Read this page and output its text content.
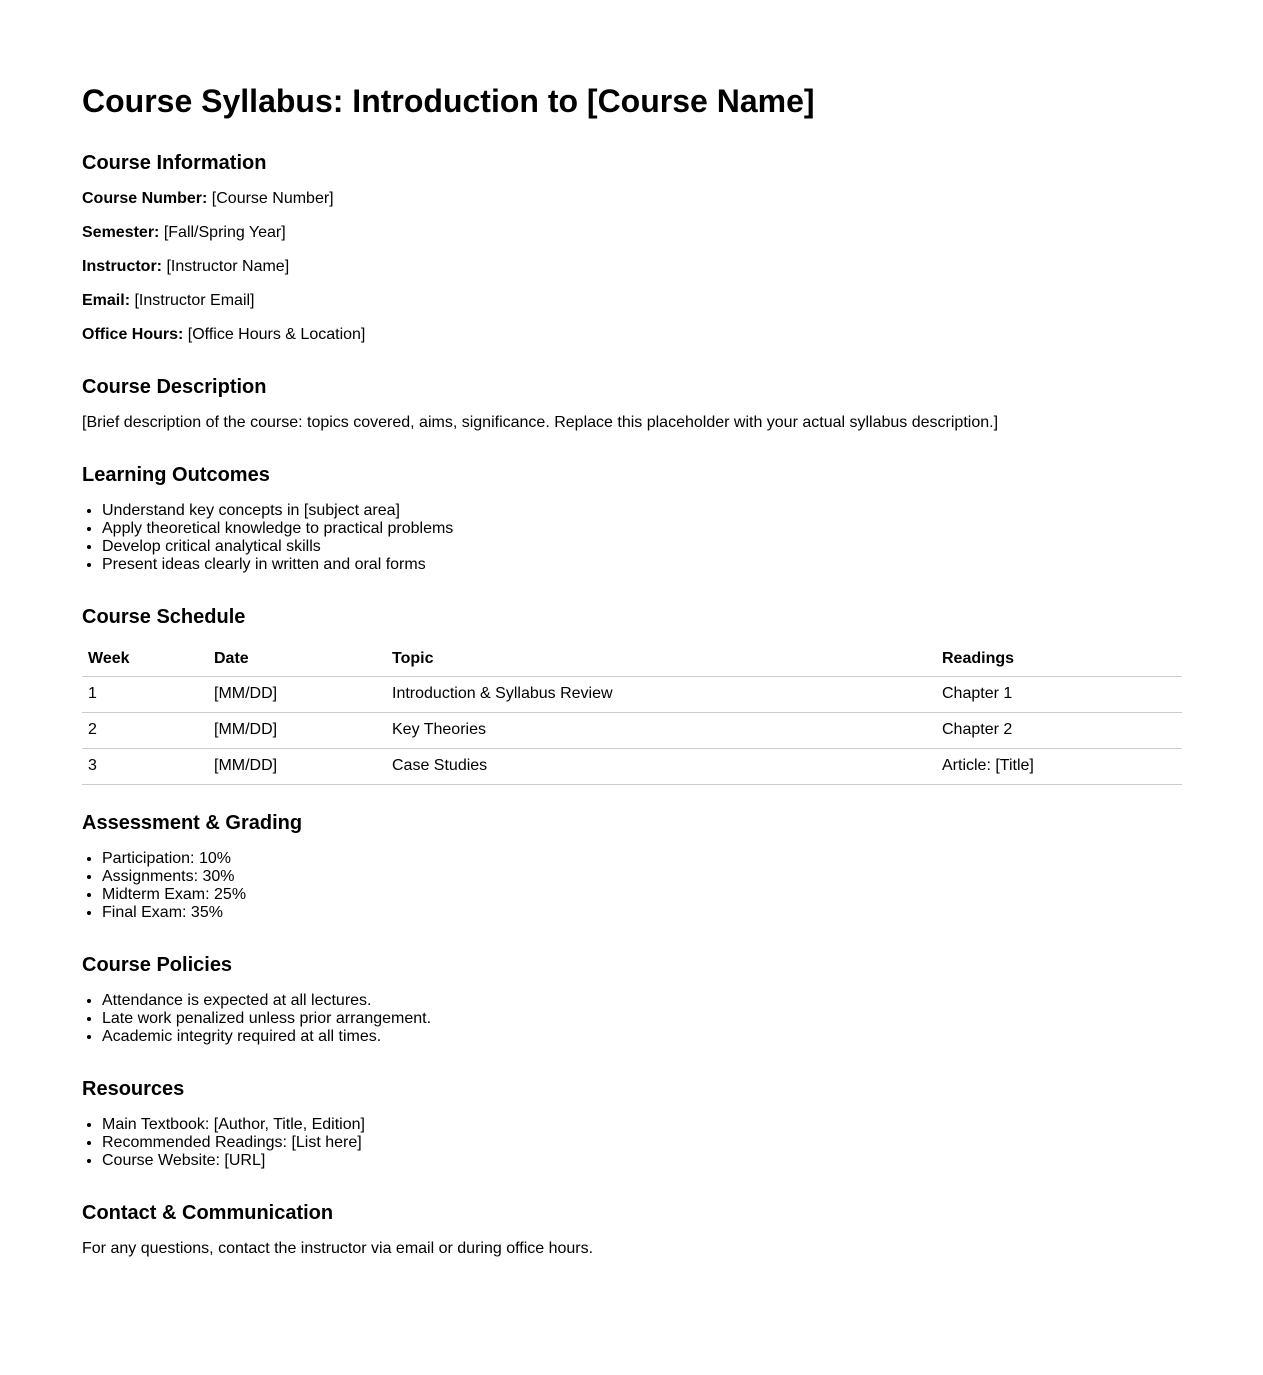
Course Syllabus: Introduction to [Course Name]
Course Information

Course Number: [Course Number]

Semester: [Fall/Spring Year]

Instructor: [Instructor Name]

Email: [Instructor Email]

Office Hours: [Office Hours & Location]

Course Description

[Brief description of the course: topics covered, aims, significance. Replace this placeholder with your actual syllabus description.]

Learning Outcomes
• Understand key concepts in [subject area]
• Apply theoretical knowledge to practical problems
• Develop critical analytical skills
• Present ideas clearly in written and oral forms
Course Schedule
Week	Date	Topic	Readings
1	[MM/DD]	Introduction & Syllabus Review	Chapter 1
2	[MM/DD]	Key Theories	Chapter 2
3	[MM/DD]	Case Studies	Article: [Title]
Assessment & Grading
• Participation: 10%
• Assignments: 30%
• Midterm Exam: 25%
• Final Exam: 35%
Course Policies
• Attendance is expected at all lectures.
• Late work penalized unless prior arrangement.
• Academic integrity required at all times.
Resources
• Main Textbook: [Author, Title, Edition]
• Recommended Readings: [List here]
• Course Website: [URL]
Contact & Communication

For any questions, contact the instructor via email or during office hours.
